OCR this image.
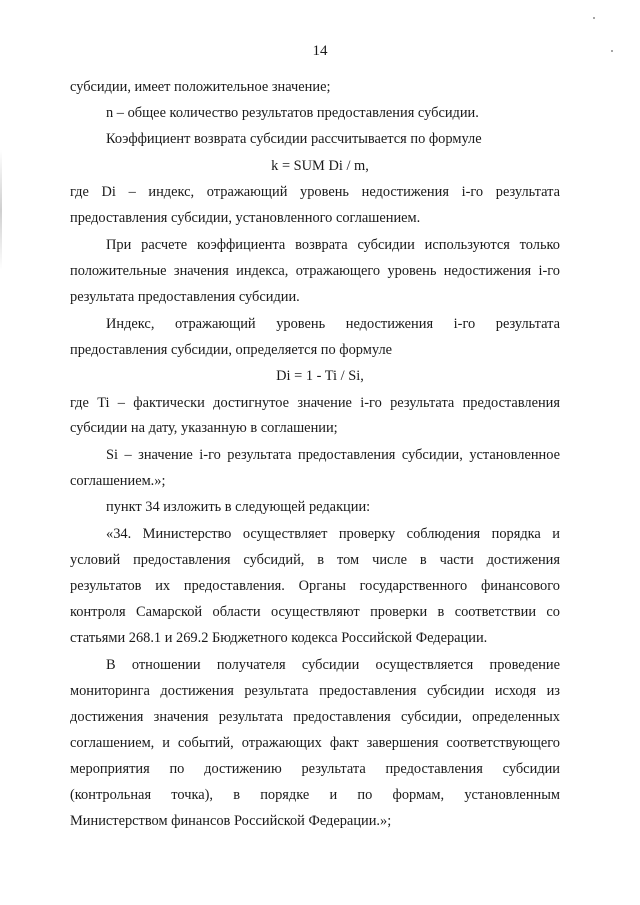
14
субсидии, имеет положительное значение;
n – общее количество результатов предоставления субсидии.
Коэффициент возврата субсидии рассчитывается по формуле
k = SUM Di / m,
где Di – индекс, отражающий уровень недостижения i-го результата
предоставления субсидии, установленного соглашением.
При расчете коэффициента возврата субсидии используются только
положительные значения индекса, отражающего уровень недостижения i-го
результата предоставления субсидии.
Индекс, отражающий уровень недостижения i-го результата
предоставления субсидии, определяется по формуле
Di = 1 - Ti / Si,
где Ti – фактически достигнутое значение i-го результата предоставления
субсидии на дату, указанную в соглашении;
Si – значение i-го результата предоставления субсидии, установленное
соглашением.»;
пункт 34 изложить в следующей редакции:
«34. Министерство осуществляет проверку соблюдения порядка и
условий предоставления субсидий, в том числе в части достижения
результатов их предоставления. Органы государственного финансового
контроля Самарской области осуществляют проверки в соответствии со
статьями 268.1 и 269.2 Бюджетного кодекса Российской Федерации.
В отношении получателя субсидии осуществляется проведение
мониторинга достижения результата предоставления субсидии исходя из
достижения значения результата предоставления субсидии, определенных
соглашением, и событий, отражающих факт завершения соответствующего
мероприятия по достижению результата предоставления субсидии
(контрольная точка), в порядке и по формам, установленным
Министерством финансов Российской Федерации.»;
